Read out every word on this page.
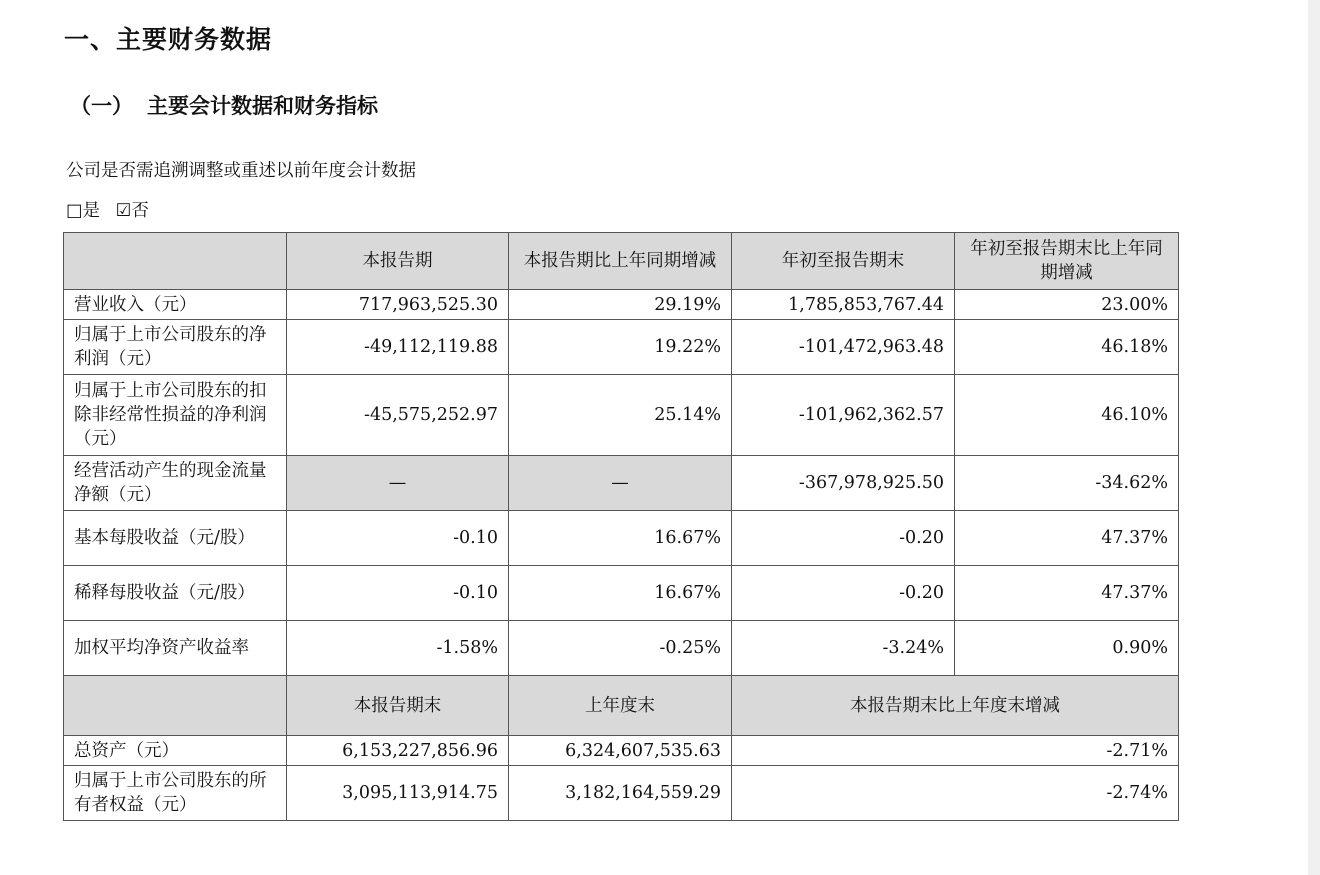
一、主要财务数据
（一） 主要会计数据和财务指标
公司是否需追溯调整或重述以前年度会计数据
□是 ☑否
	本报告期	本报告期比上年同期增减	年初至报告期末	年初至报告期末比上年同期增减
营业收入（元）	717,963,525.30	29.19%	1,785,853,767.44	23.00%
归属于上市公司股东的净利润（元）	-49,112,119.88	19.22%	-101,472,963.48	46.18%
归属于上市公司股东的扣除非经常性损益的净利润（元）	-45,575,252.97	25.14%	-101,962,362.57	46.10%
经营活动产生的现金流量净额（元）	—	—	-367,978,925.50	-34.62%
基本每股收益（元/股）	-0.10	16.67%	-0.20	47.37%
稀释每股收益（元/股）	-0.10	16.67%	-0.20	47.37%
加权平均净资产收益率	-1.58%	-0.25%	-3.24%	0.90%
	本报告期末	上年度末	本报告期末比上年度末增减	
总资产（元）	6,153,227,856.96	6,324,607,535.63	-2.71%	
归属于上市公司股东的所有者权益（元）	3,095,113,914.75	3,182,164,559.29	-2.74%	
